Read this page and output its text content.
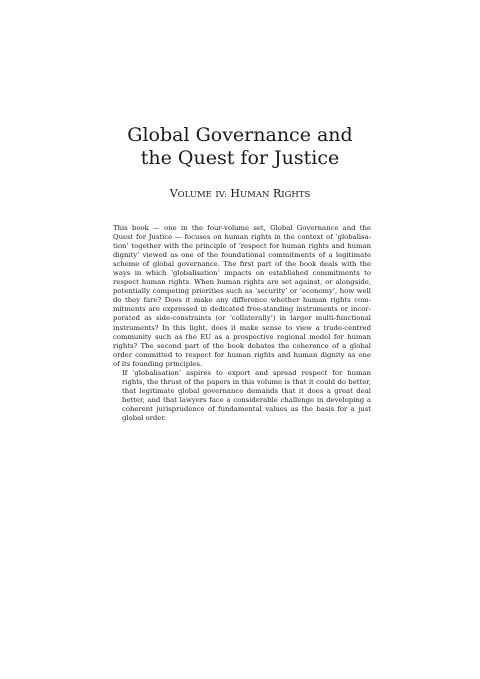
Global Governance and
the Quest for Justice
VOLUME IV: HUMAN RIGHTS

This book — one in the four-volume set, Global Governance and the
Quest for Justice — focuses on human rights in the context of ‘globalisa-
tion’ together with the principle of ‘respect for human rights and human
dignity’ viewed as one of the foundational commitments of a legitimate
scheme of global governance. The first part of the book deals with the
ways in which ‘globalisation’ impacts on established commitments to
respect human rights. When human rights are set against, or alongside,
potentially competing priorities such as ‘security’ or ‘economy’, how well
do they fare? Does it make any difference whether human rights com-
mitments are expressed in dedicated free-standing instruments or incor-
porated as side-constraints (or ‘collaterally’) in larger multi-functional
instruments? In this light, does it make sense to view a trade-centred
community such as the EU as a prospective regional model for human
rights? The second part of the book debates the coherence of a global
order committed to respect for human rights and human dignity as one
of its founding principles.

If ‘globalisation’ aspires to export and spread respect for human
rights, the thrust of the papers in this volume is that it could do better,
that legitimate global governance demands that it does a great deal
better, and that lawyers face a considerable challenge in developing a
coherent jurisprudence of fundamental values as the basis for a just
global order.
